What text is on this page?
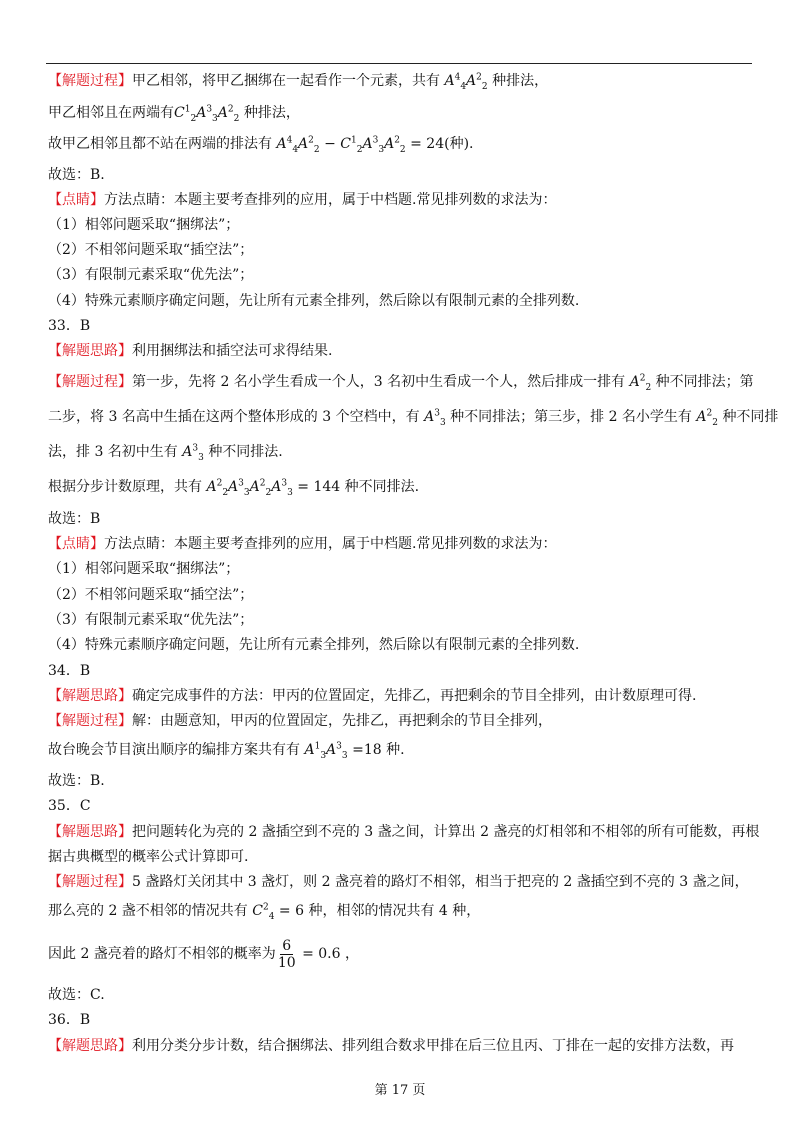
【解题过程】甲乙相邻，将甲乙捆绑在一起看作一个元素，共有 $A^4_4A^2_2$ 种排法，
甲乙相邻且在两端有$C^1_2A^3_3A^2_2$ 种排法，
故甲乙相邻且都不站在两端的排法有 $A^4_4A^2_2 - C^1_2A^3_3A^2_2 = 24$(种).
故选：B.
【点睛】方法点睛：本题主要考查排列的应用，属于中档题.常见排列数的求法为：
（1）相邻问题采取“捆绑法”；
（2）不相邻问题采取“插空法”；
（3）有限制元素采取“优先法”；
（4）特殊元素顺序确定问题，先让所有元素全排列，然后除以有限制元素的全排列数.
33．B
【解题思路】利用捆绑法和插空法可求得结果.
【解题过程】第一步，先将 2 名小学生看成一个人，3 名初中生看成一个人，然后排成一排有 $A^2_2$ 种不同排法；第
二步，将 3 名高中生插在这两个整体形成的 3 个空档中，有 $A^3_3$ 种不同排法；第三步，排 2 名小学生有 $A^2_2$ 种不同排
法，排 3 名初中生有 $A^3_3$ 种不同排法.
根据分步计数原理，共有 $A^2_2A^3_3A^2_2A^3_3 = 144$ 种不同排法.
故选：B
【点睛】方法点睛：本题主要考查排列的应用，属于中档题.常见排列数的求法为：
（1）相邻问题采取“捆绑法”；
（2）不相邻问题采取“插空法”；
（3）有限制元素采取“优先法”；
（4）特殊元素顺序确定问题，先让所有元素全排列，然后除以有限制元素的全排列数.
34．B
【解题思路】确定完成事件的方法：甲丙的位置固定，先排乙，再把剩余的节目全排列，由计数原理可得.
【解题过程】解：由题意知，甲丙的位置固定，先排乙，再把剩余的节目全排列，
故台晚会节目演出顺序的编排方案共有有 $A^1_3A^3_3 =18$ 种.
故选：B.
35．C
【解题思路】把问题转化为亮的 2 盏插空到不亮的 3 盏之间，计算出 2 盏亮的灯相邻和不相邻的所有可能数，再根
据古典概型的概率公式计算即可.
【解题过程】5 盏路灯关闭其中 3 盏灯，则 2 盏亮着的路灯不相邻，相当于把亮的 2 盏插空到不亮的 3 盏之间，
那么亮的 2 盏不相邻的情况共有 $C^2_4 = 6$ 种，相邻的情况共有 4 种，
因此 2 盏亮着的路灯不相邻的概率为 $\frac{6}{10} = 0.6$ ，
故选：C.
36．B
【解题思路】利用分类分步计数，结合捆绑法、排列组合数求甲排在后三位且丙、丁排在一起的安排方法数，再
第 17 页
